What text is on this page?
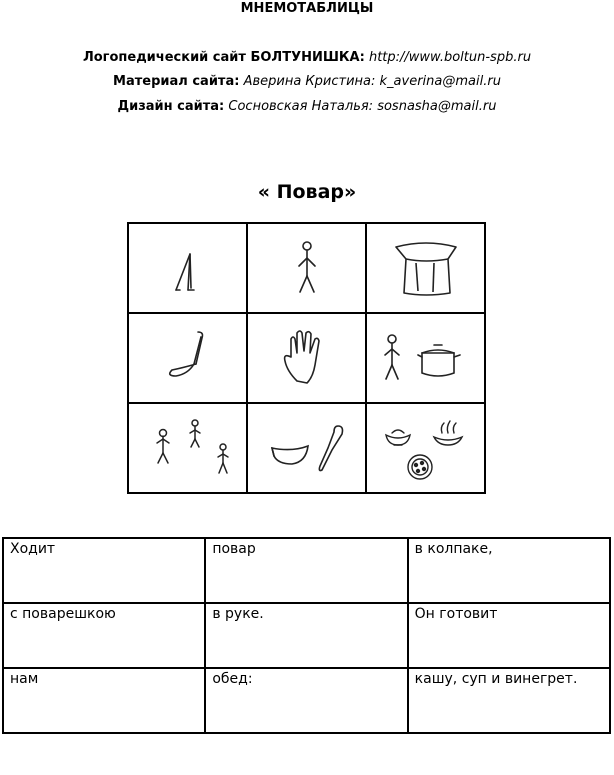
МНЕМОТАБЛИЦЫ
Логопедический сайт БОЛТУНИШКА: http://www.boltun-spb.ru
Материал сайта: Аверина Кристина: k_averina@mail.ru
Дизайн сайта: Сосновская Наталья: sosnasha@mail.ru
« Повар»

Ходит	повар	в колпаке,
с поварешкою	в руке.	Он готовит
нам	обед:	кашу, суп и винегрет.
